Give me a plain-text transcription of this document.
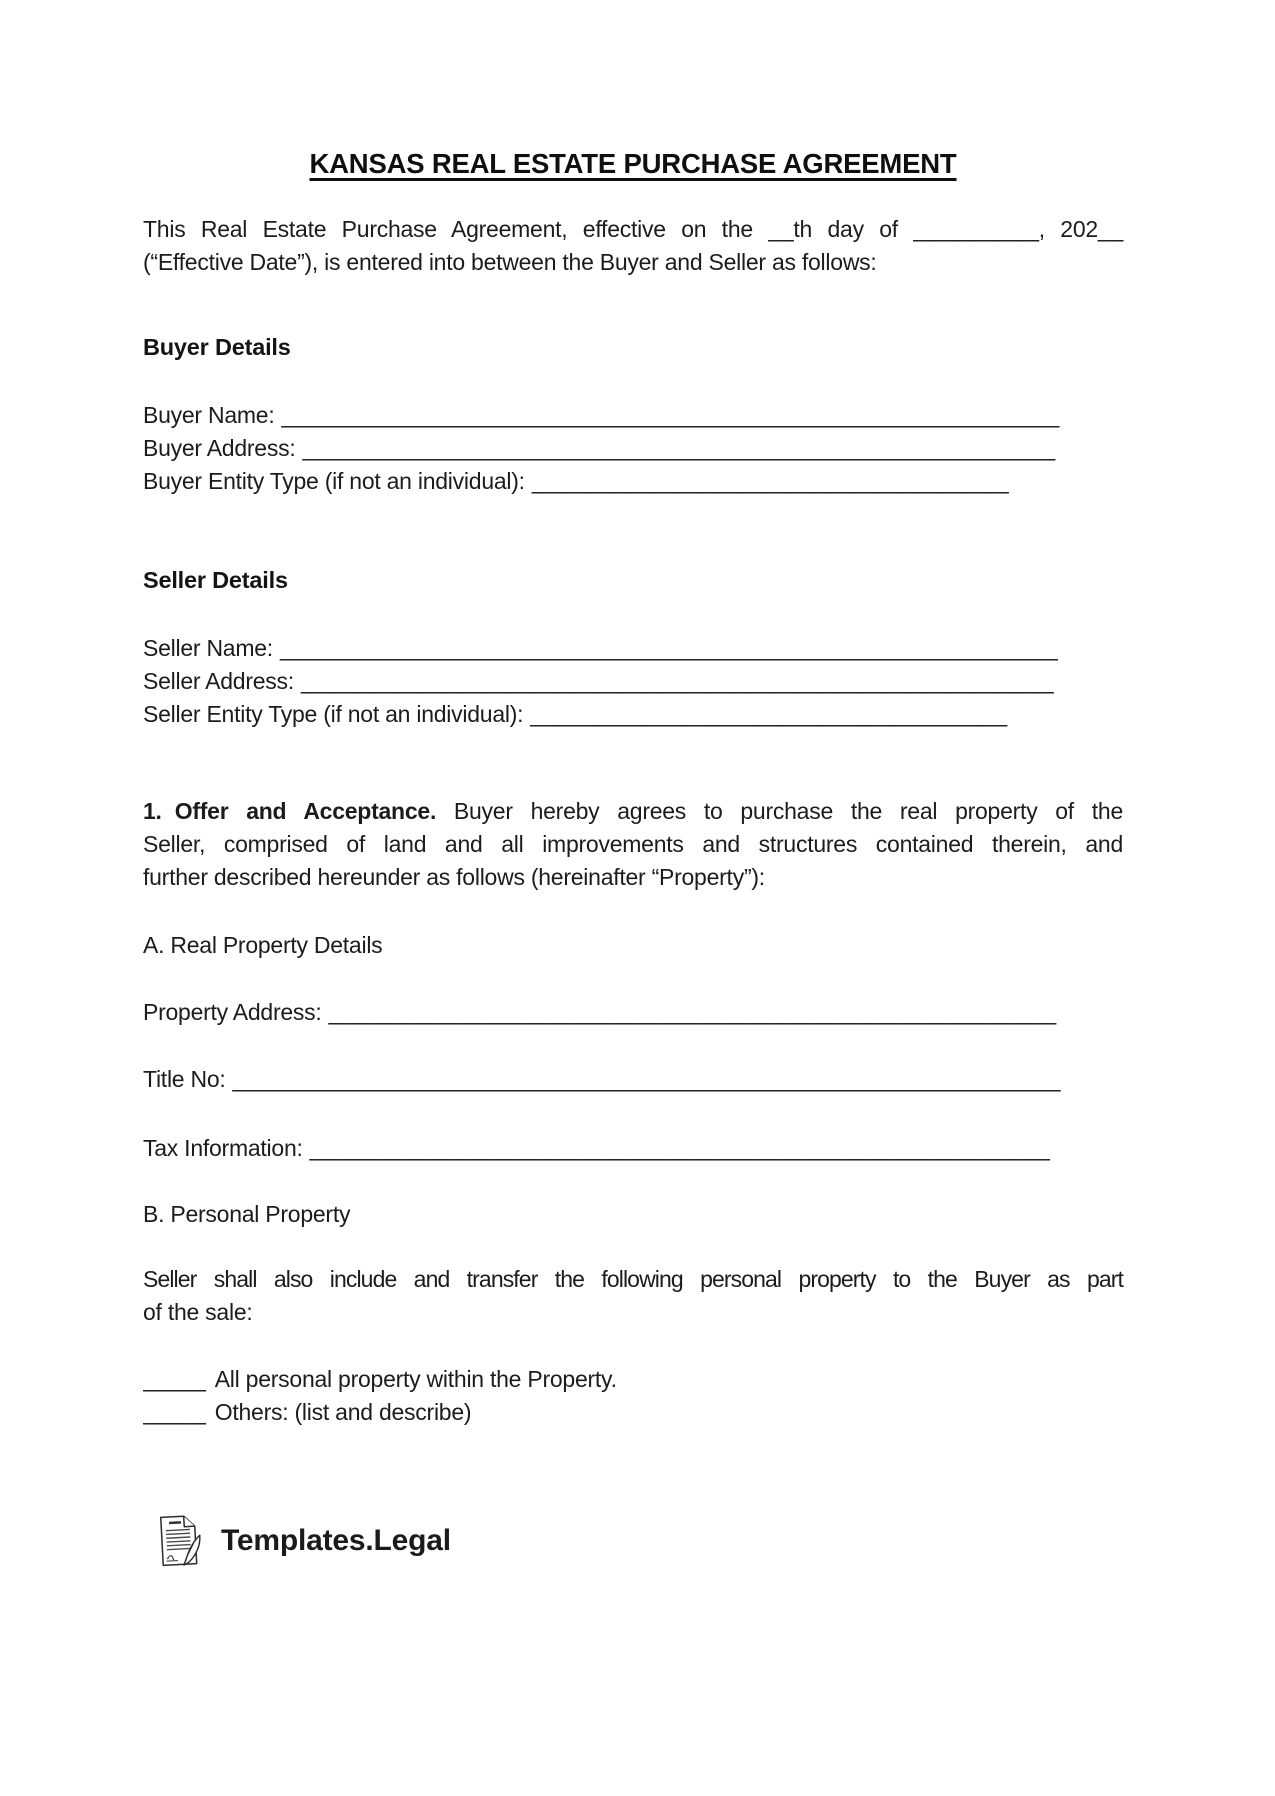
KANSAS REAL ESTATE PURCHASE AGREEMENT
This Real Estate Purchase Agreement, effective on the __th day of __________, 202__
(“Effective Date”), is entered into between the Buyer and Seller as follows:
Buyer Details

Buyer Name: ______________________________________________________________

Buyer Address: ____________________________________________________________

Buyer Entity Type (if not an individual): ______________________________________

Seller Details

Seller Name: ______________________________________________________________

Seller Address: ____________________________________________________________

Seller Entity Type (if not an individual): ______________________________________

1. Offer and Acceptance. Buyer hereby agrees to purchase the real property of the
Seller, comprised of land and all improvements and structures contained therein, and
further described hereunder as follows (hereinafter “Property”):

A. Real Property Details

Property Address: __________________________________________________________

Title No: __________________________________________________________________

Tax Information: ___________________________________________________________

B. Personal Property

Seller shall also include and transfer the following personal property to the Buyer as part
of the sale:

_____ All personal property within the Property.

_____ Others: (list and describe)

Templates.Legal
